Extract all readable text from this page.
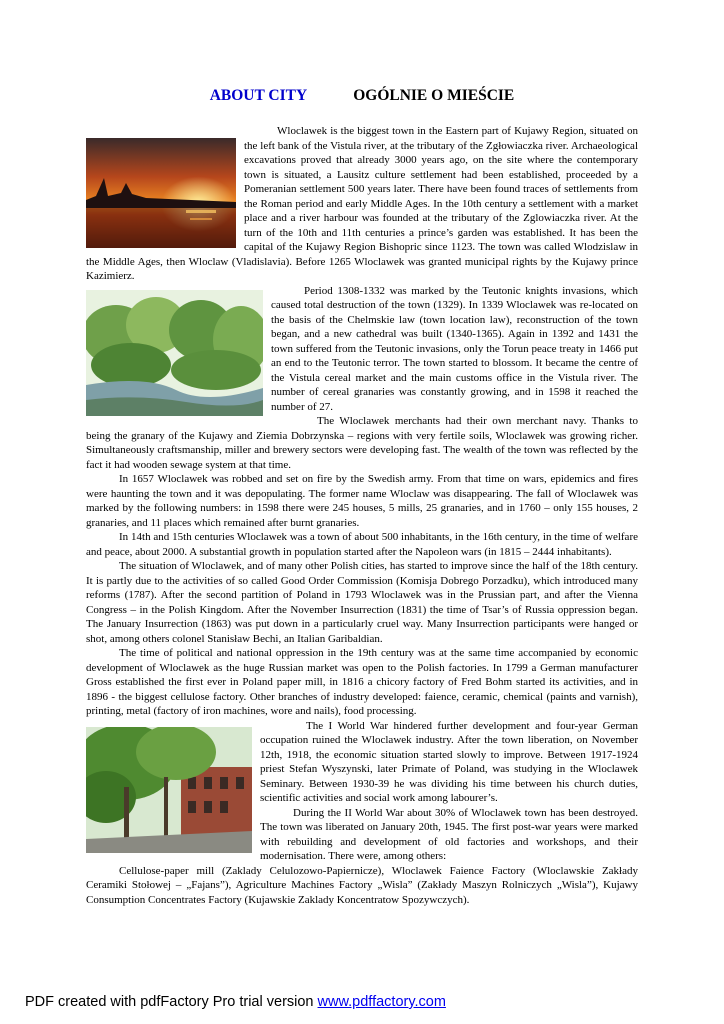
ABOUT CITY	OGÓLNIE O MIEŚCIE

Wloclawek is the biggest town in the Eastern part of Kujawy Region, situated on the left bank of the Vistula river, at the tributary of the Zgłowiaczka river. Archaeological excavations proved that already 3000 years ago, on the site where the contemporary town is situated, a Lausitz culture settlement had been established, proceeded by a Pomeranian settlement 500 years later. There have been found traces of settlements from the Roman period and early Middle Ages. In the 10th century a settlement with a market place and a river harbour was founded at the tributary of the Zglowiaczka river. At the turn of the 10th and 11th centuries a prince’s garden was established. It has been the capital of the Kujawy Region Bishopric since 1123. The town was called Wlodzislaw in the Middle Ages, then Wloclaw (Vladislavia). Before 1265 Wloclawek was granted municipal rights by the Kujawy prince Kazimierz.

Period 1308-1332 was marked by the Teutonic knights invasions, which caused total destruction of the town (1329). In 1339 Wloclawek was re-located on the basis of the Chelmskie law (town location law), reconstruction of the town began, and a new cathedral was built (1340-1365). Again in 1392 and 1431 the town suffered from the Teutonic invasions, only the Torun peace treaty in 1466 put an end to the Teutonic terror. The town started to blossom. It became the centre of the Vistula cereal market and the main customs office in the Vistula river. The number of cereal granaries was constantly growing, and in 1598 it reached the number of 27.

The Wloclawek merchants had their own merchant navy. Thanks to being the granary of the Kujawy and Ziemia Dobrzynska – regions with very fertile soils, Wloclawek was growing richer. Simultaneously craftsmanship, miller and brewery sectors were developing fast. The wealth of the town was reflected by the fact it had wooden sewage system at that time.

In 1657 Wloclawek was robbed and set on fire by the Swedish army. From that time on wars, epidemics and fires were haunting the town and it was depopulating. The former name Wloclaw was disappearing. The fall of Wloclawek was marked by the following numbers: in 1598 there were 245 houses, 5 mills, 25 granaries, and in 1760 – only 155 houses, 2 granaries, and 11 places which remained after burnt granaries.

In 14th and 15th centuries Wloclawek was a town of about 500 inhabitants, in the 16th century, in the time of welfare and peace, about 2000. A substantial growth in population started after the Napoleon wars (in 1815 – 2444 inhabitants).

The situation of Wloclawek, and of many other Polish cities, has started to improve since the half of the 18th century. It is partly due to the activities of so called Good Order Commission (Komisja Dobrego Porzadku), which introduced many reforms (1787). After the second partition of Poland in 1793 Wloclawek was in the Prussian part, and after the Vienna Congress – in the Polish Kingdom. After the November Insurrection (1831) the time of Tsar’s of Russia oppression began. The January Insurrection (1863) was put down in a particularly cruel way. Many Insurrection participants were hanged or shot, among others colonel Stanisław Bechi, an Italian Garibaldian.

The time of political and national oppression in the 19th century was at the same time accompanied by economic development of Wloclawek as the huge Russian market was open to the Polish factories. In 1799 a German manufacturer Gross established the first ever in Poland paper mill, in 1816 a chicory factory of Fred Bohm started its activities, and in 1896 - the biggest cellulose factory. Other branches of industry developed: faience, ceramic, chemical (paints and varnish), printing, metal (factory of iron machines, wore and nails), food processing.

The I World War hindered further development and four-year German occupation ruined the Wloclawek industry. After the town liberation, on November 12th, 1918, the economic situation started slowly to improve. Between 1917-1924 priest Stefan Wyszynski, later Primate of Poland, was studying in the Wloclawek Seminary. Between 1930-39 he was dividing his time between his church duties, scientific activities and social work among labourer’s.

During the II World War about 30% of Wloclawek town has been destroyed. The town was liberated on January 20th, 1945. The first post-war years were marked with rebuilding and development of old factories and workshops, and their modernisation. There were, among others:

Cellulose-paper mill (Zaklady Celulozowo-Papiernicze), Wloclawek Faience Factory (Wloclawskie Zakłady Ceramiki Stołowej – „Fajans”), Agriculture Machines Factory „Wisla” (Zakłady Maszyn Rolniczych „Wisla”), Kujawy Consumption Concentrates Factory (Kujawskie Zaklady Koncentratow Spozywczych).

PDF created with pdfFactory Pro trial version www.pdffactory.com
